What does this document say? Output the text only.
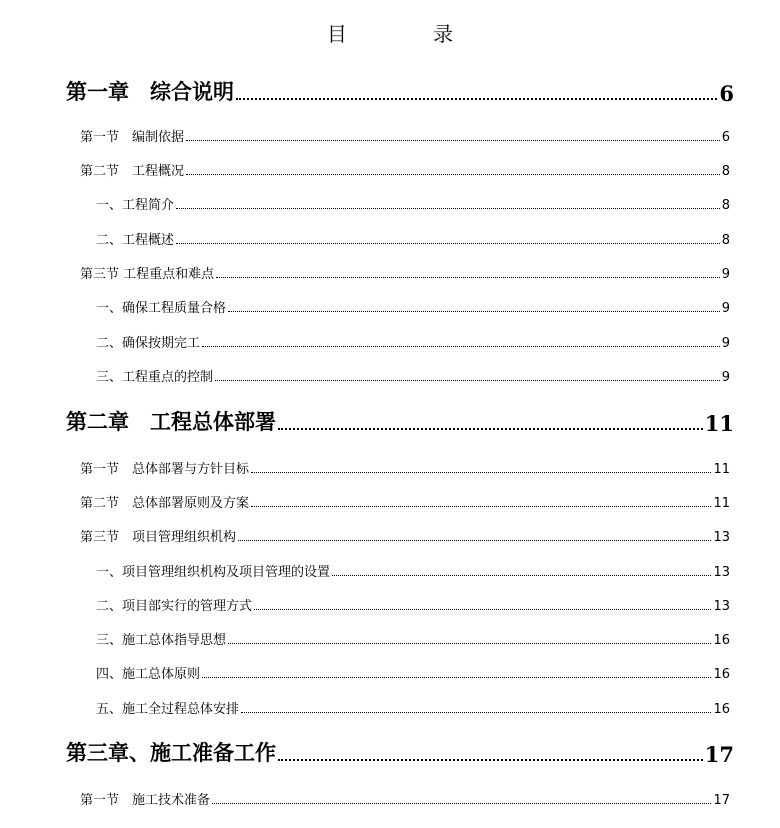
目 录
第一章　综合说明	6
第一节　编制依据	6
第二节　工程概况	8
一、工程简介	8
二、工程概述	8
第三节 工程重点和难点	9
一、确保工程质量合格	9
二、确保按期完工	9
三、工程重点的控制	9
第二章　工程总体部署	11
第一节　总体部署与方针目标	11
第二节　总体部署原则及方案	11
第三节　项目管理组织机构	13
一、项目管理组织机构及项目管理的设置	13
二、项目部实行的管理方式	13
三、施工总体指导思想	16
四、施工总体原则	16
五、施工全过程总体安排	16
第三章、施工准备工作	17
第一节　施工技术准备	17
